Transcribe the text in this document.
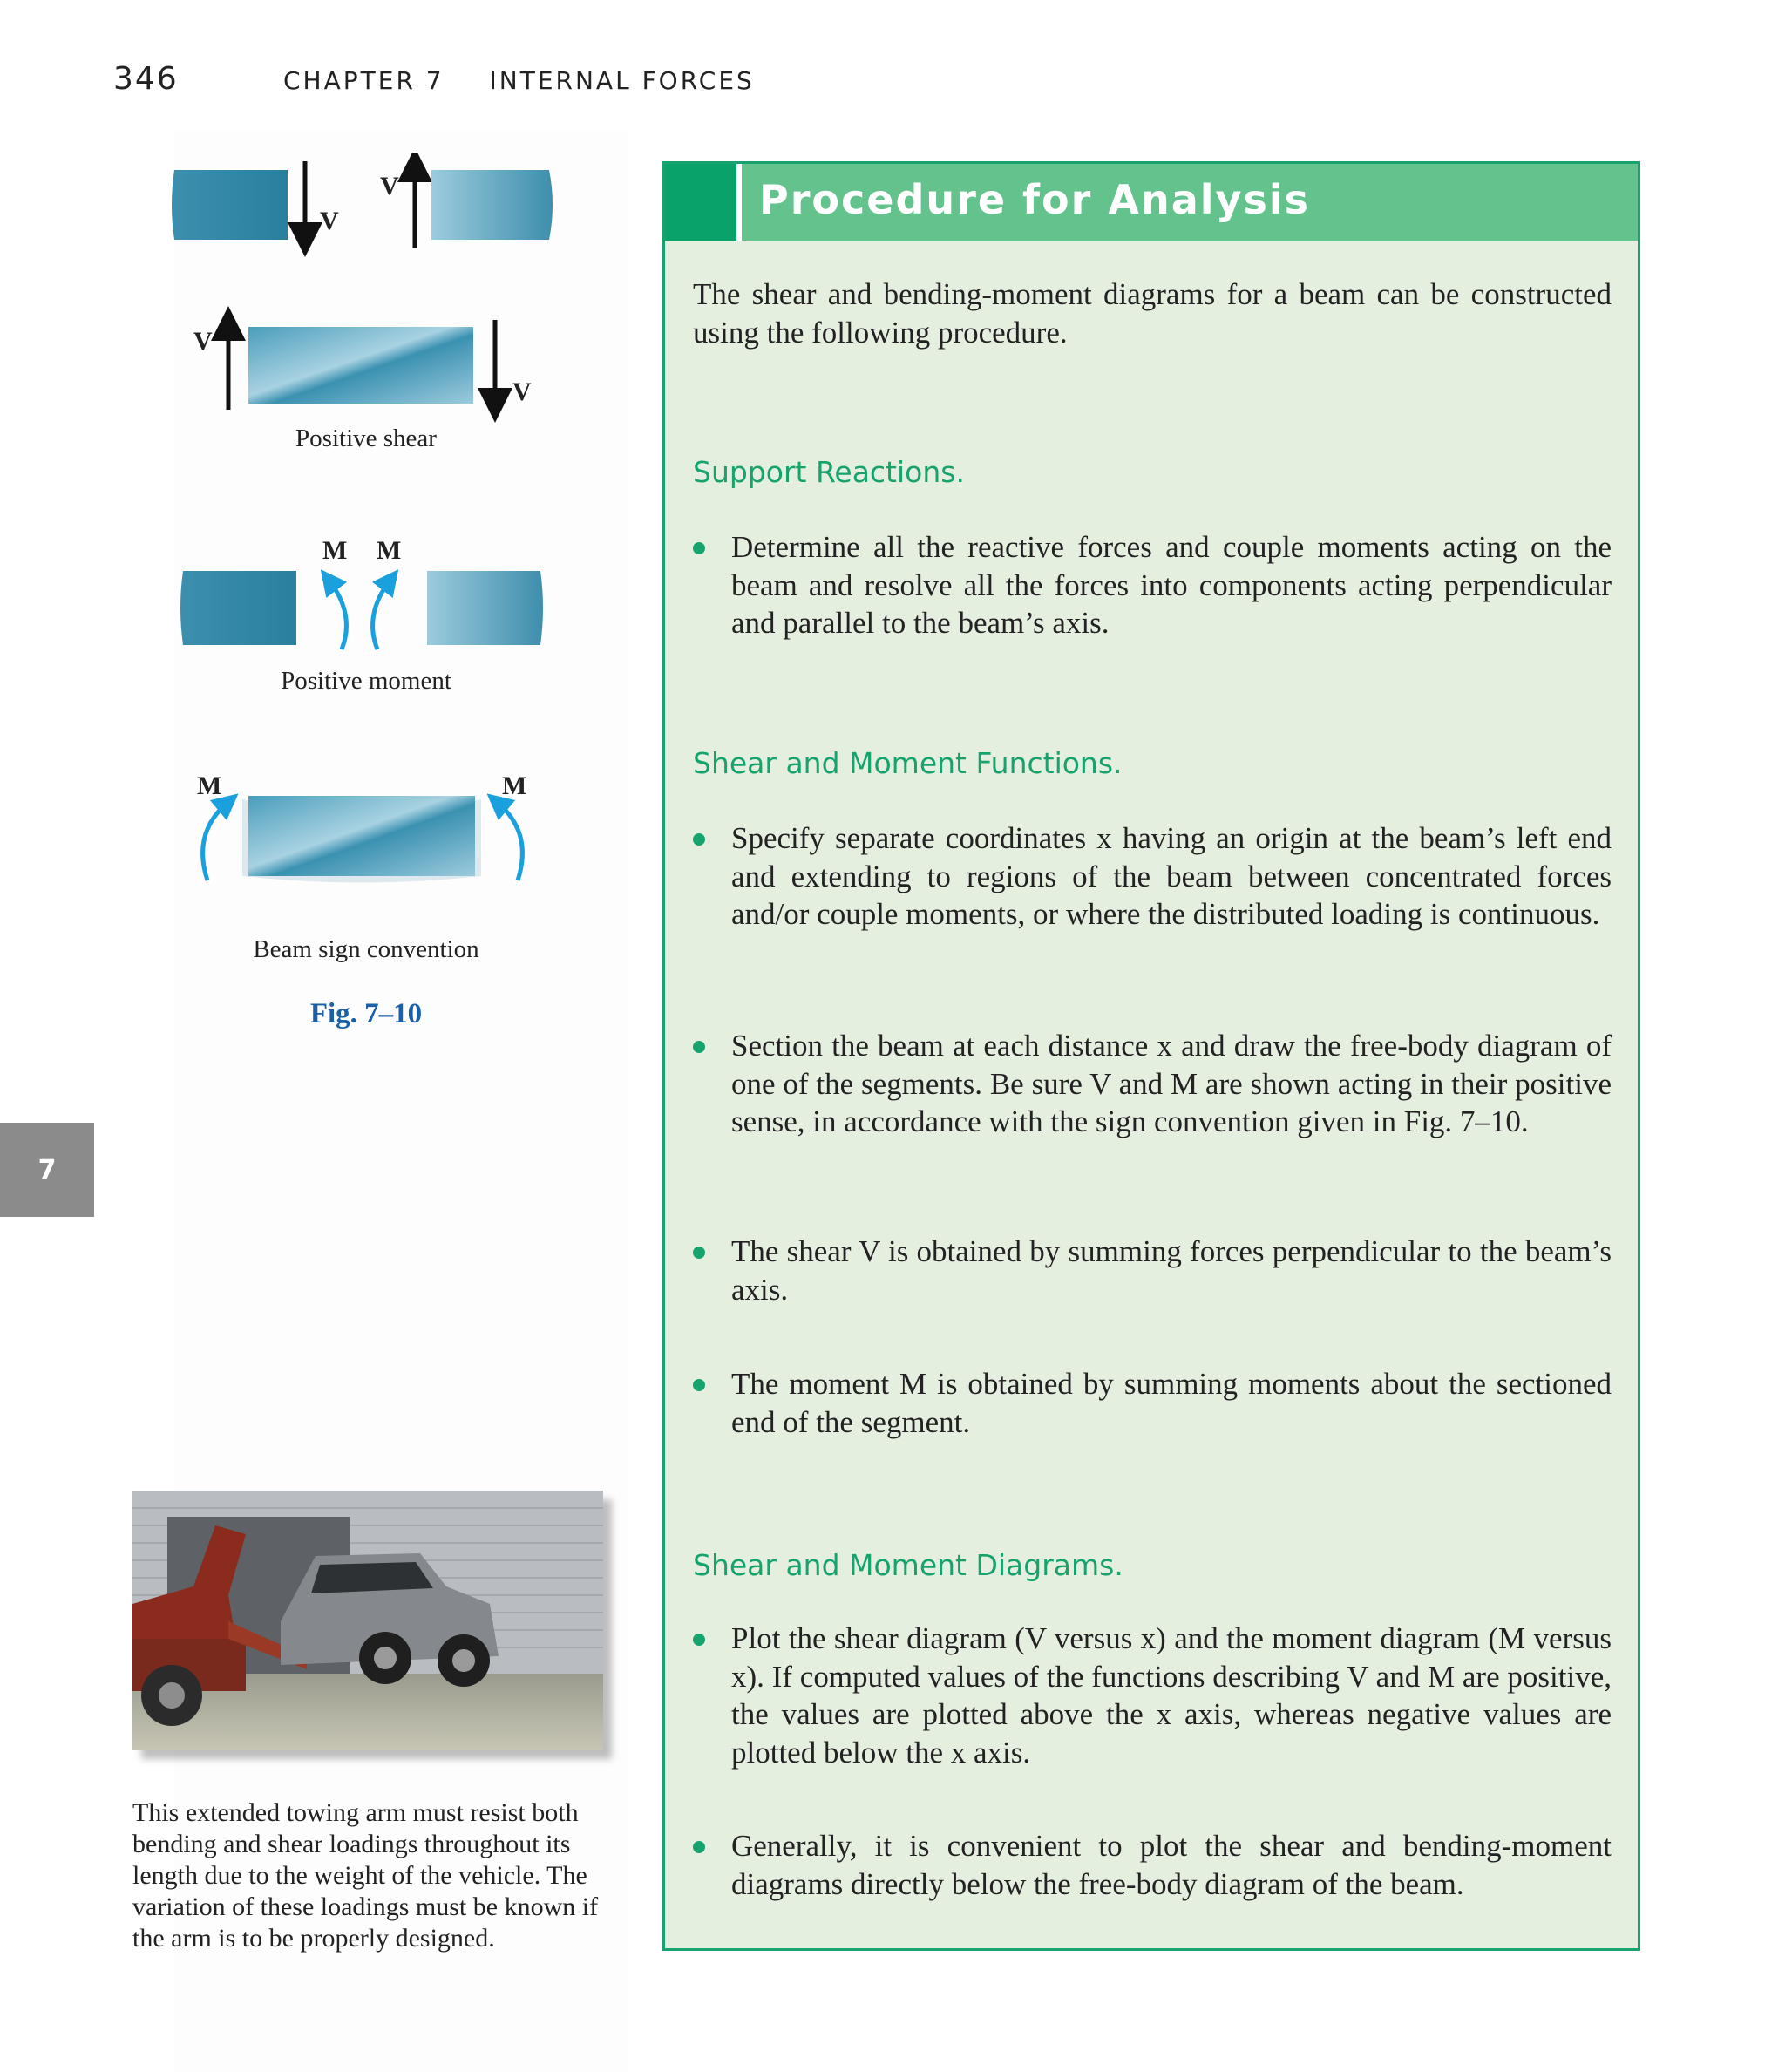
346	CHAPTER 7 INTERNAL FORCES
7
V
V
V
V
Positive shear
M M
Positive moment
M	M
Beam sign convention
Fig. 7–10
This extended towing arm must resist both bending and shear loadings throughout its length due to the weight of the vehicle. The variation of these loadings must be known if the arm is to be properly designed.
Procedure for Analysis
The shear and bending-moment diagrams for a beam can be constructed using the following procedure.
Support Reactions.
Determine all the reactive forces and couple moments acting on the beam and resolve all the forces into components acting perpendicular and parallel to the beam’s axis.
Shear and Moment Functions.
Specify separate coordinates x having an origin at the beam’s left end and extending to regions of the beam between concentrated forces and/or couple moments, or where the distributed loading is continuous.
Section the beam at each distance x and draw the free-body diagram of one of the segments. Be sure V and M are shown acting in their positive sense, in accordance with the sign convention given in Fig. 7–10.
The shear V is obtained by summing forces perpendicular to the beam’s axis.
The moment M is obtained by summing moments about the sectioned end of the segment.
Shear and Moment Diagrams.
Plot the shear diagram (V versus x) and the moment diagram (M versus x). If computed values of the functions describing V and M are positive, the values are plotted above the x axis, whereas negative values are plotted below the x axis.
Generally, it is convenient to plot the shear and bending-moment diagrams directly below the free-body diagram of the beam.
